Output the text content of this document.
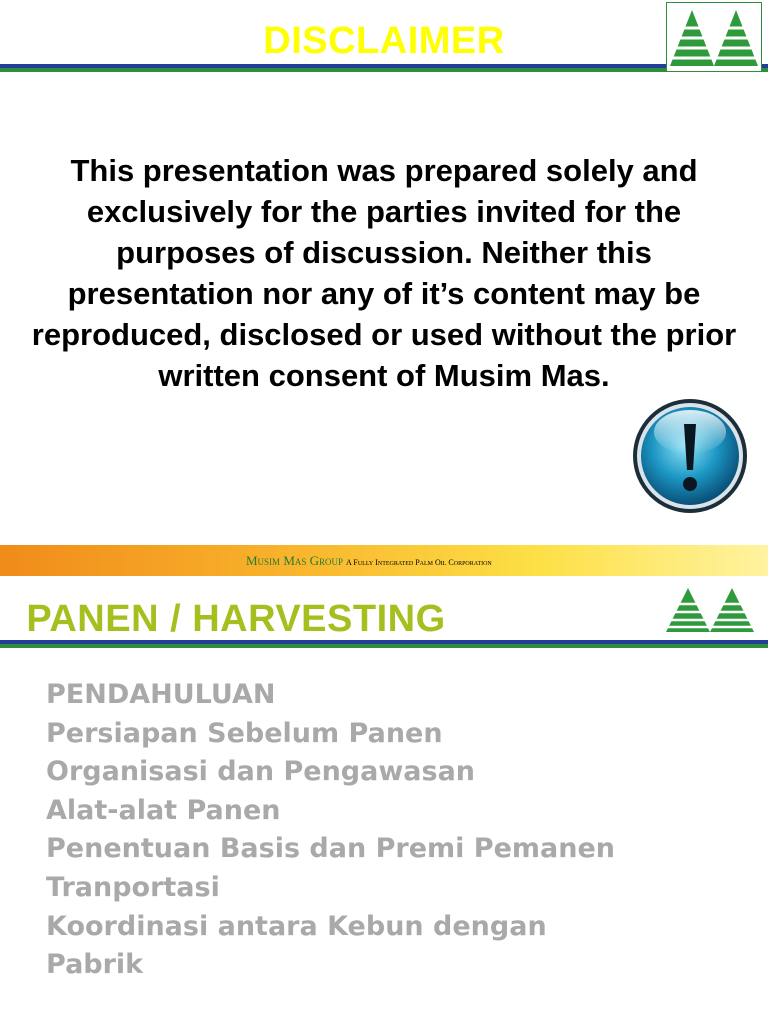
DISCLAIMER
This presentation was prepared solely and exclusively for the parties invited for the purposes of discussion. Neither this presentation nor any of it’s content may be reproduced, disclosed or used without the prior written consent of Musim Mas.
Musim Mas Group A Fully Integrated Palm Oil Corporation
PANEN / HARVESTING
PENDAHULUAN
Persiapan Sebelum Panen
Organisasi dan Pengawasan
Alat-alat Panen
Penentuan Basis dan Premi Pemanen
Tranportasi
Koordinasi antara Kebun dengan
Pabrik
